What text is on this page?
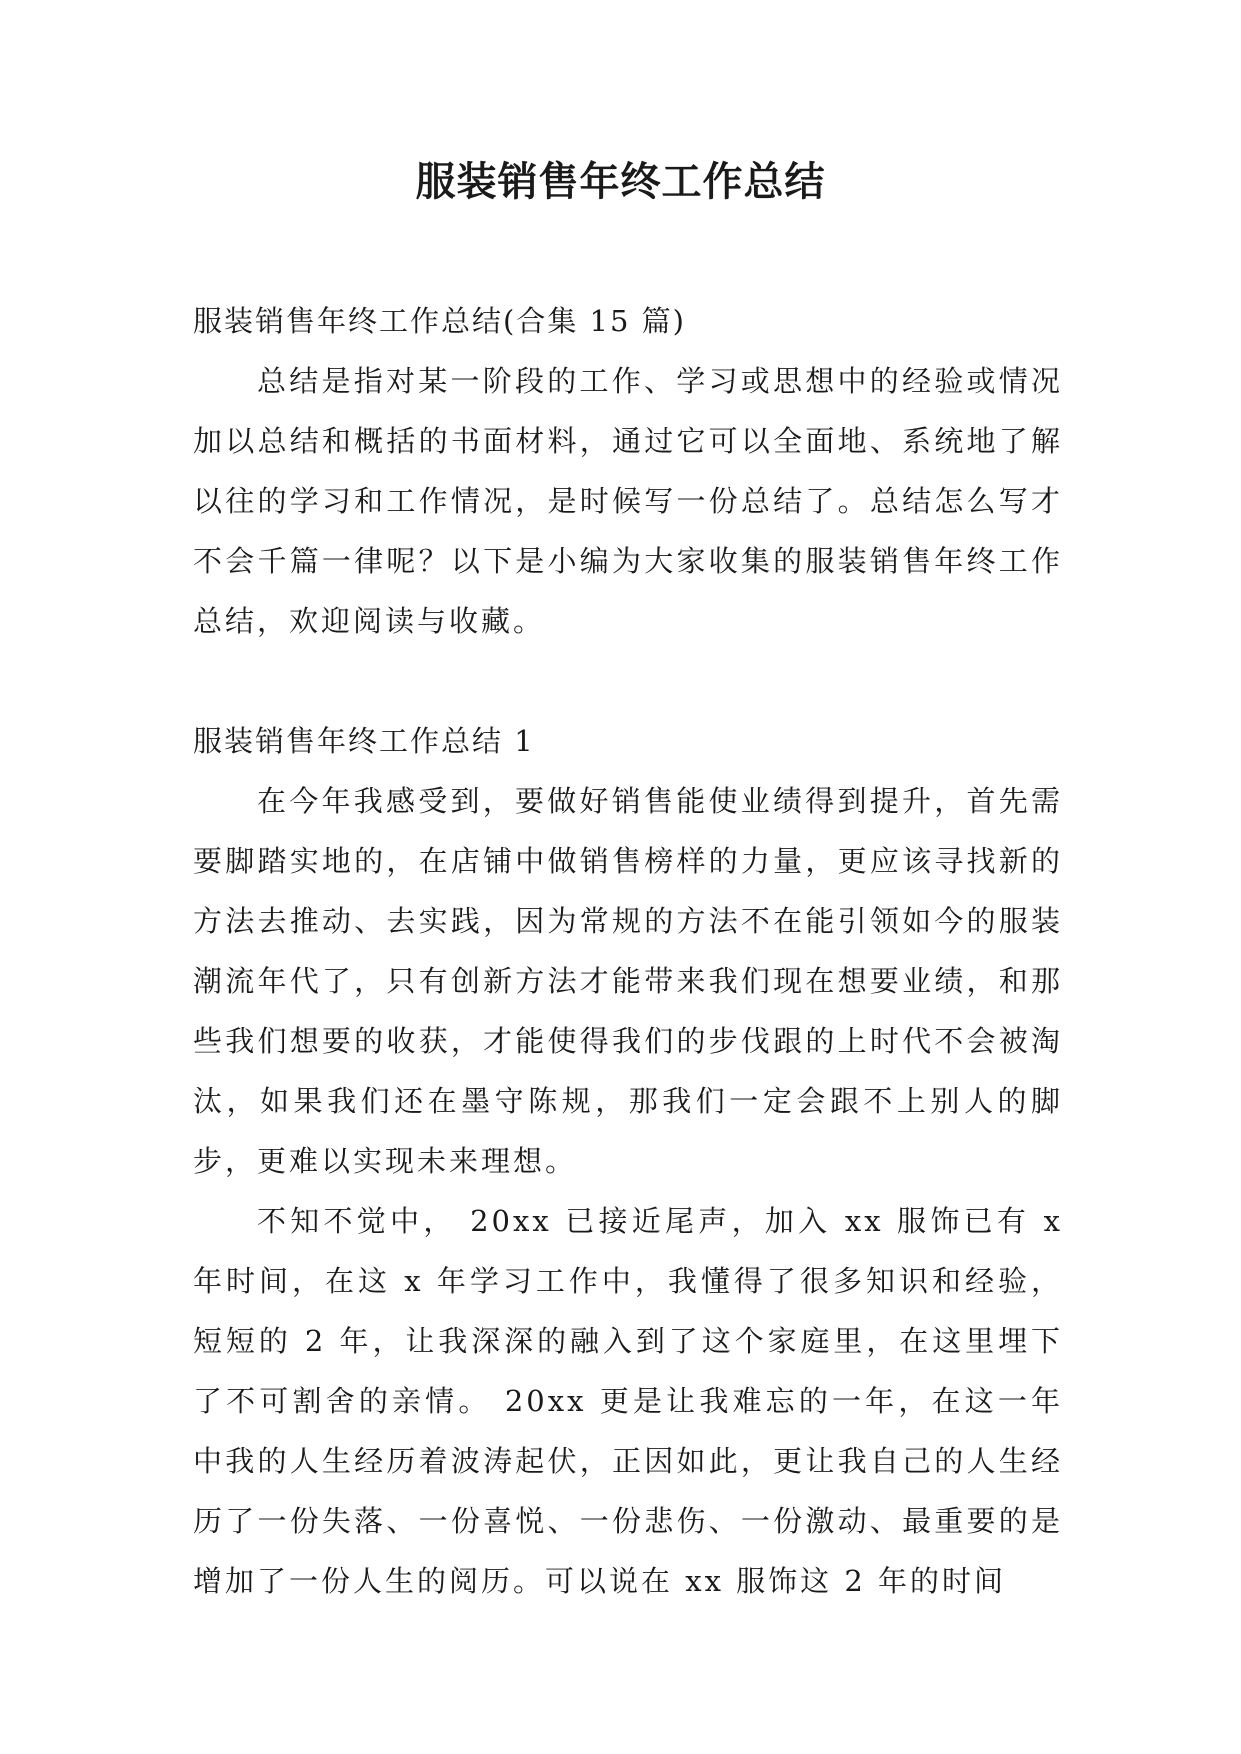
服装销售年终工作总结

服装销售年终工作总结(合集 15 篇)

总结是指对某一阶段的工作、学习或思想中的经验或情况加以总结和概括的书面材料，通过它可以全面地、系统地了解以往的学习和工作情况，是时候写一份总结了。总结怎么写才不会千篇一律呢？以下是小编为大家收集的服装销售年终工作总结，欢迎阅读与收藏。

服装销售年终工作总结 1

在今年我感受到，要做好销售能使业绩得到提升，首先需要脚踏实地的，在店铺中做销售榜样的力量，更应该寻找新的方法去推动、去实践，因为常规的方法不在能引领如今的服装潮流年代了，只有创新方法才能带来我们现在想要业绩，和那些我们想要的收获，才能使得我们的步伐跟的上时代不会被淘汰，如果我们还在墨守陈规，那我们一定会跟不上别人的脚步，更难以实现未来理想。

不知不觉中， 20xx 已接近尾声，加入 xx 服饰已有 x 年时间，在这 x 年学习工作中，我懂得了很多知识和经验，短短的 2 年，让我深深的融入到了这个家庭里，在这里埋下了不可割舍的亲情。 20xx 更是让我难忘的一年，在这一年中我的人生经历着波涛起伏，正因如此，更让我自己的人生经历了一份失落、一份喜悦、一份悲伤、一份激动、最重要的是增加了一份人生的阅历。可以说在 xx 服饰这 2 年的时间
